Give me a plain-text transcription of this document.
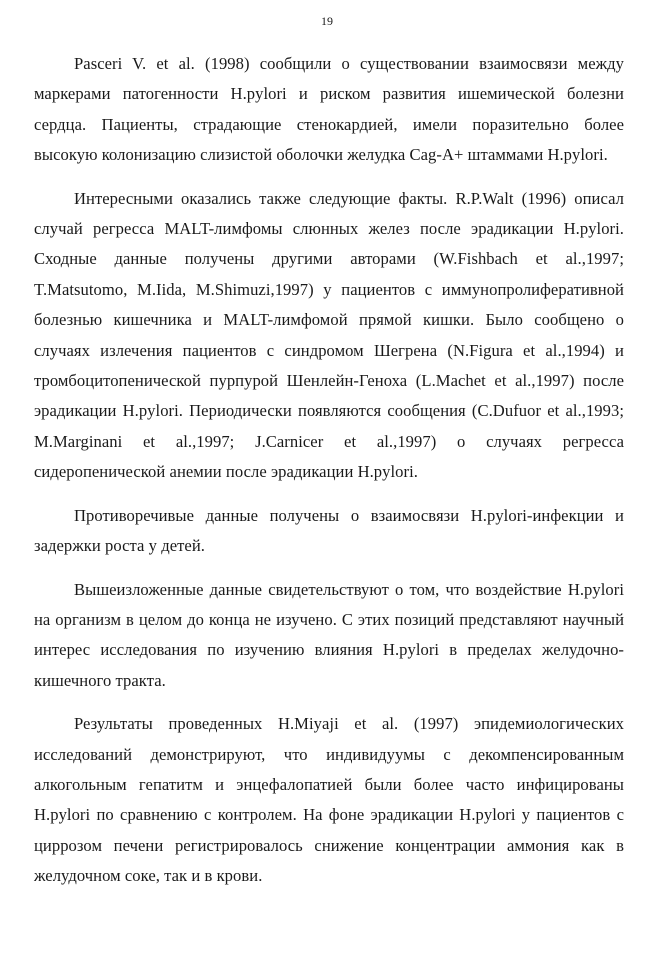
19

Pasceri V. et al. (1998) сообщили о существовании взаимосвязи между маркерами патогенности H.pylori и риском развития ишемической болезни сердца. Пациенты, страдающие стенокардией, имели поразительно более высокую колонизацию слизистой оболочки желудка Cag-A+ штаммами H.pylori.

Интересными оказались также следующие факты. R.P.Walt (1996) описал случай регресса MALT-лимфомы слюнных желез после эрадикации H.pylori. Сходные данные получены другими авторами (W.Fishbach et al.,1997; T.Matsutomo, M.Iida, M.Shimuzi,1997) у пациентов с иммунопролиферативной болезнью кишечника и MALT-лимфомой прямой кишки. Было сообщено о случаях излечения пациентов с синдромом Шегрена (N.Figura et al.,1994) и тромбоцитопенической пурпурой Шенлейн-Геноха (L.Machet et al.,1997) после эрадикации H.pylori. Периодически появляются сообщения (C.Dufuor et al.,1993; M.Marginani et al.,1997; J.Carnicer et al.,1997) о случаях регресса сидеропенической анемии после эрадикации H.pylori.

Противоречивые данные получены о взаимосвязи H.pylori-инфекции и задержки роста у детей.

Вышеизложенные данные свидетельствуют о том, что воздействие H.pylori на организм в целом до конца не изучено. С этих позиций представляют научный интерес исследования по изучению влияния H.pylori в пределах желудочно-кишечного тракта.

Результаты проведенных H.Miyaji et al. (1997) эпидемиологических исследований демонстрируют, что индивидуумы с декомпенсированным алкогольным гепатитм и энцефалопатией были более часто инфицированы H.pylori по сравнению с контролем. На фоне эрадикации H.pylori у пациентов с циррозом печени регистрировалось снижение концентрации аммония как в желудочном соке, так и в крови.
